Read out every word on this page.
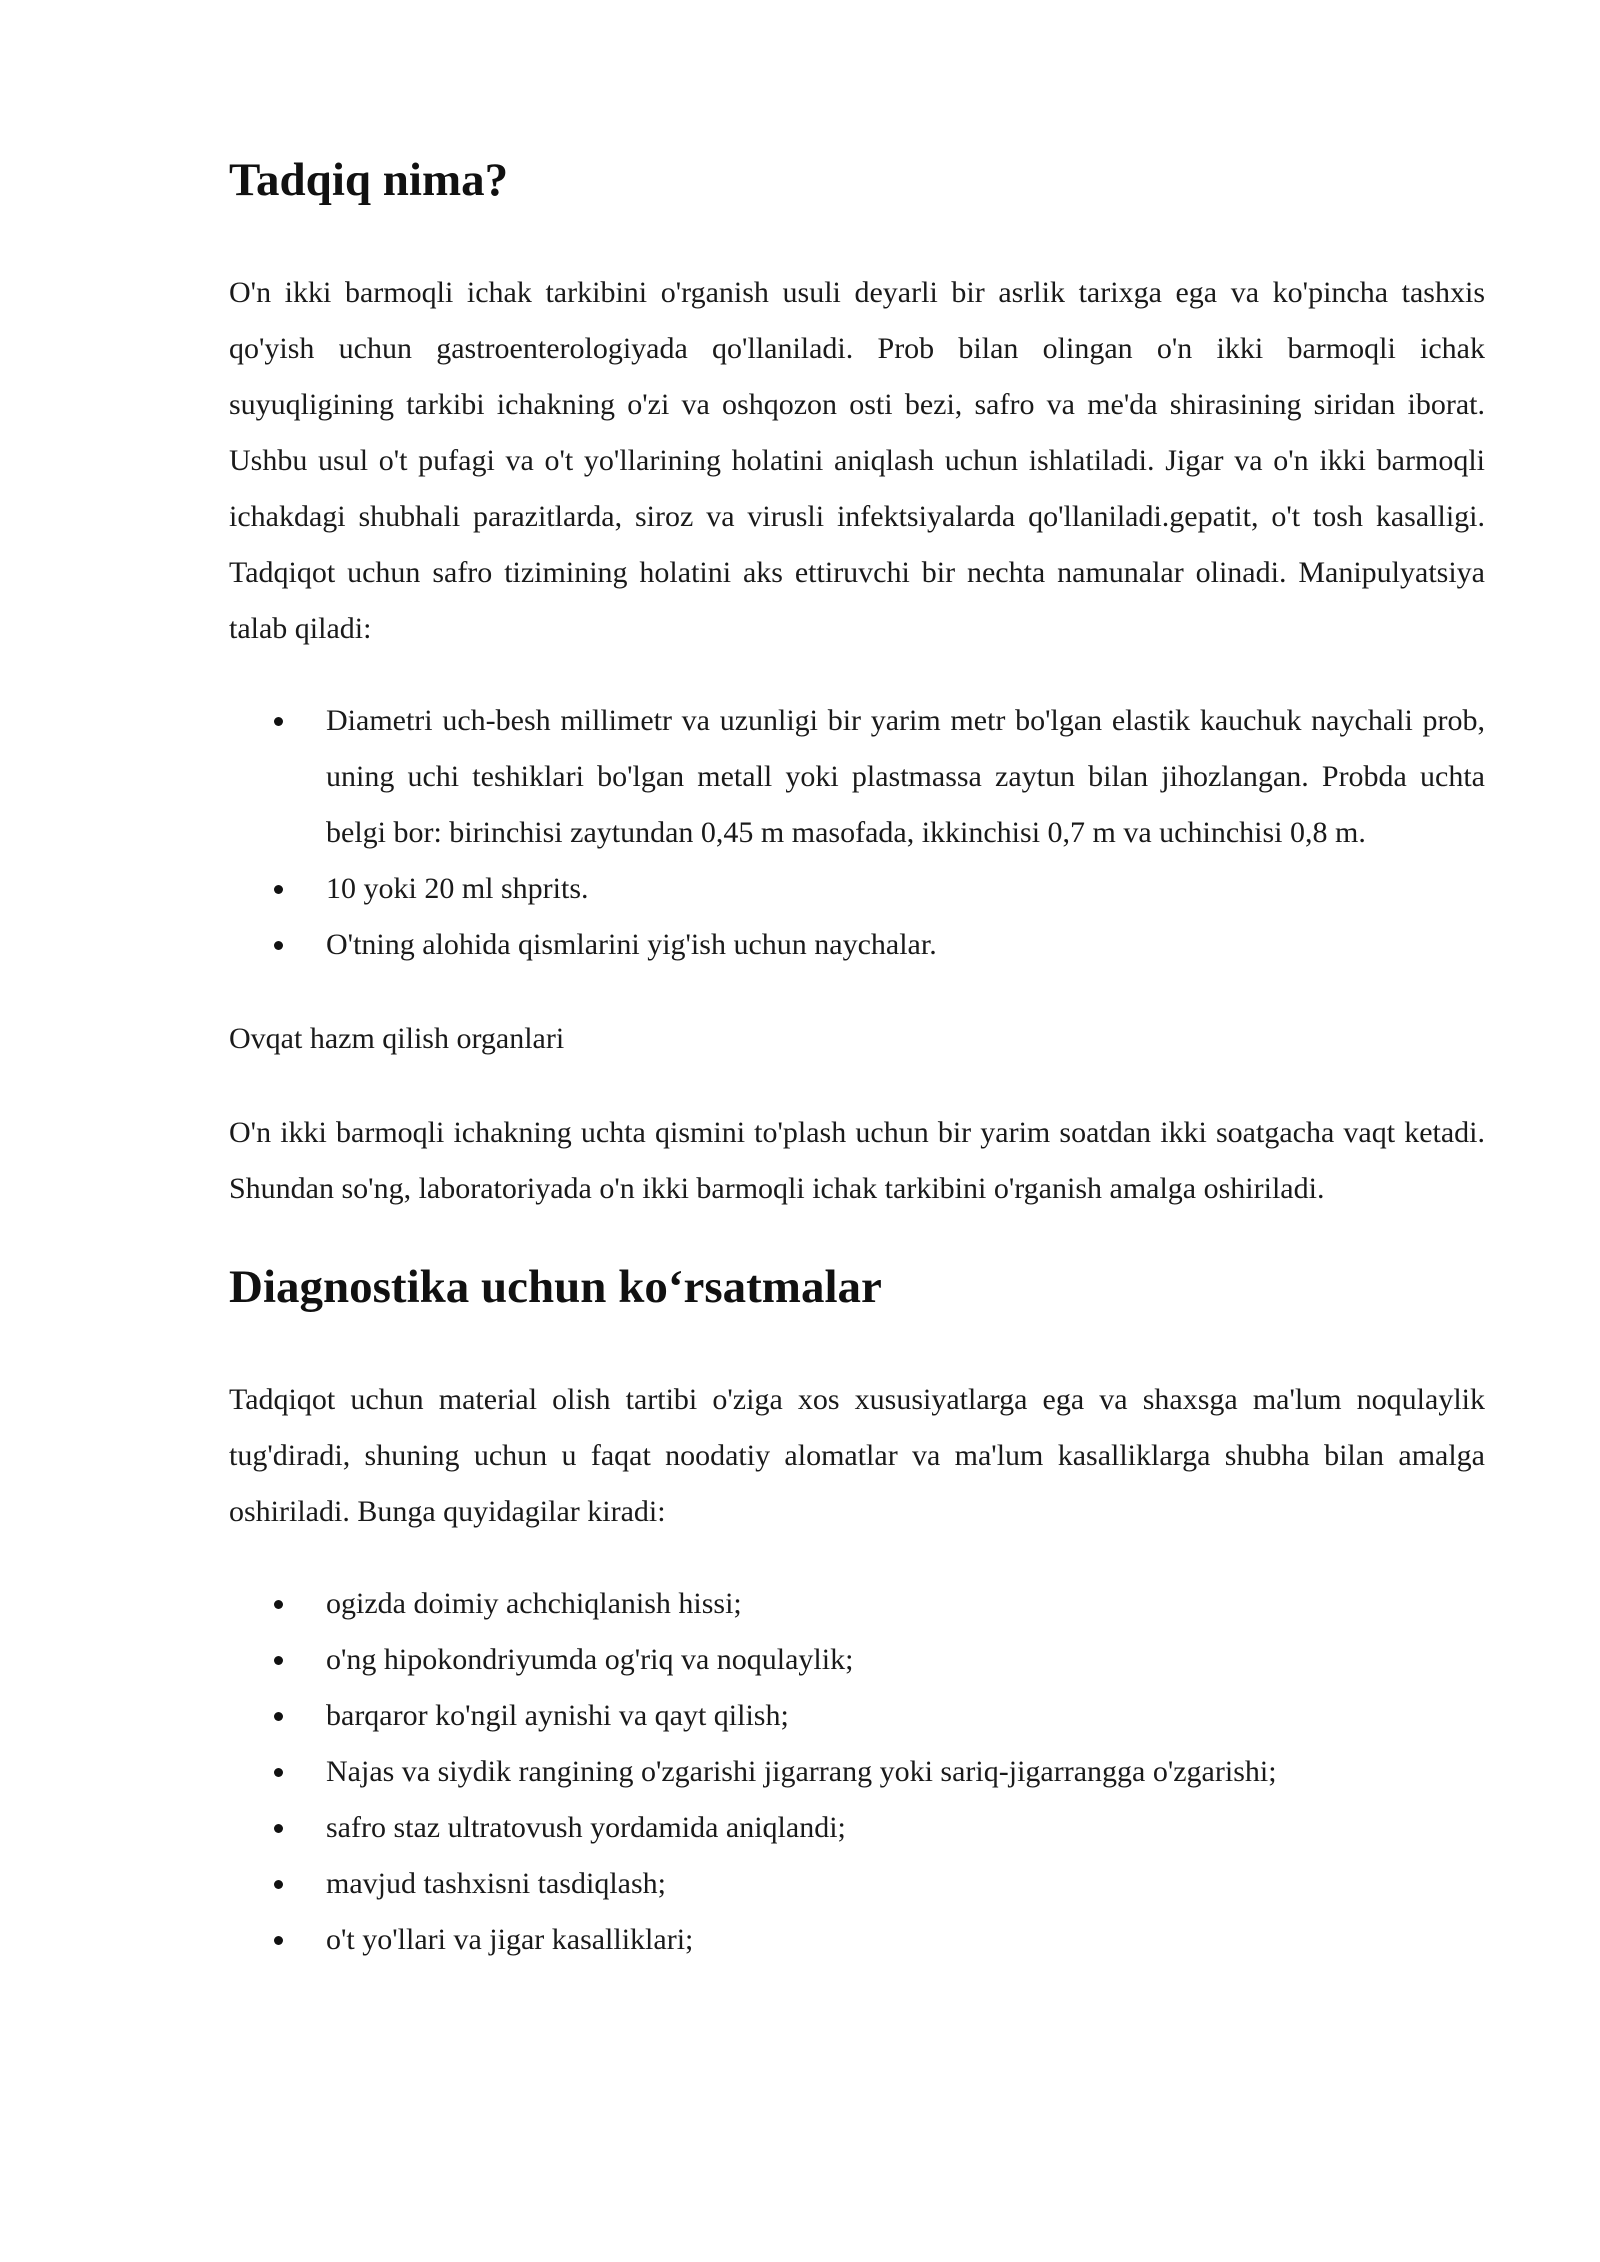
Tadqiq nima?

O'n ikki barmoqli ichak tarkibini o'rganish usuli deyarli bir asrlik tarixga ega va ko'pincha tashxis qo'yish uchun gastroenterologiyada qo'llaniladi. Prob bilan olingan o'n ikki barmoqli ichak suyuqligining tarkibi ichakning o'zi va oshqozon osti bezi, safro va me'da shirasining siridan iborat. Ushbu usul o't pufagi va o't yo'llarining holatini aniqlash uchun ishlatiladi. Jigar va o'n ikki barmoqli ichakdagi shubhali parazitlarda, siroz va virusli infektsiyalarda qo'llaniladi.gepatit, o't tosh kasalligi. Tadqiqot uchun safro tizimining holatini aks ettiruvchi bir nechta namunalar olinadi. Manipulyatsiya talab qiladi:

Diametri uch-besh millimetr va uzunligi bir yarim metr bo'lgan elastik kauchuk naychali prob, uning uchi teshiklari bo'lgan metall yoki plastmassa zaytun bilan jihozlangan. Probda uchta belgi bor: birinchisi zaytundan 0,45 m masofada, ikkinchisi 0,7 m va uchinchisi 0,8 m.
10 yoki 20 ml shprits.
O'tning alohida qismlarini yig'ish uchun naychalar.

Ovqat hazm qilish organlari

O'n ikki barmoqli ichakning uchta qismini to'plash uchun bir yarim soatdan ikki soatgacha vaqt ketadi. Shundan so'ng, laboratoriyada o'n ikki barmoqli ichak tarkibini o'rganish amalga oshiriladi.

Diagnostika uchun ko‘rsatmalar

Tadqiqot uchun material olish tartibi o'ziga xos xususiyatlarga ega va shaxsga ma'lum noqulaylik tug'diradi, shuning uchun u faqat noodatiy alomatlar va ma'lum kasalliklarga shubha bilan amalga oshiriladi. Bunga quyidagilar kiradi:

ogizda doimiy achchiqlanish hissi;
o'ng hipokondriyumda og'riq va noqulaylik;
barqaror ko'ngil aynishi va qayt qilish;
Najas va siydik rangining o'zgarishi jigarrang yoki sariq-jigarrangga o'zgarishi;
safro staz ultratovush yordamida aniqlandi;
mavjud tashxisni tasdiqlash;
o't yo'llari va jigar kasalliklari;
